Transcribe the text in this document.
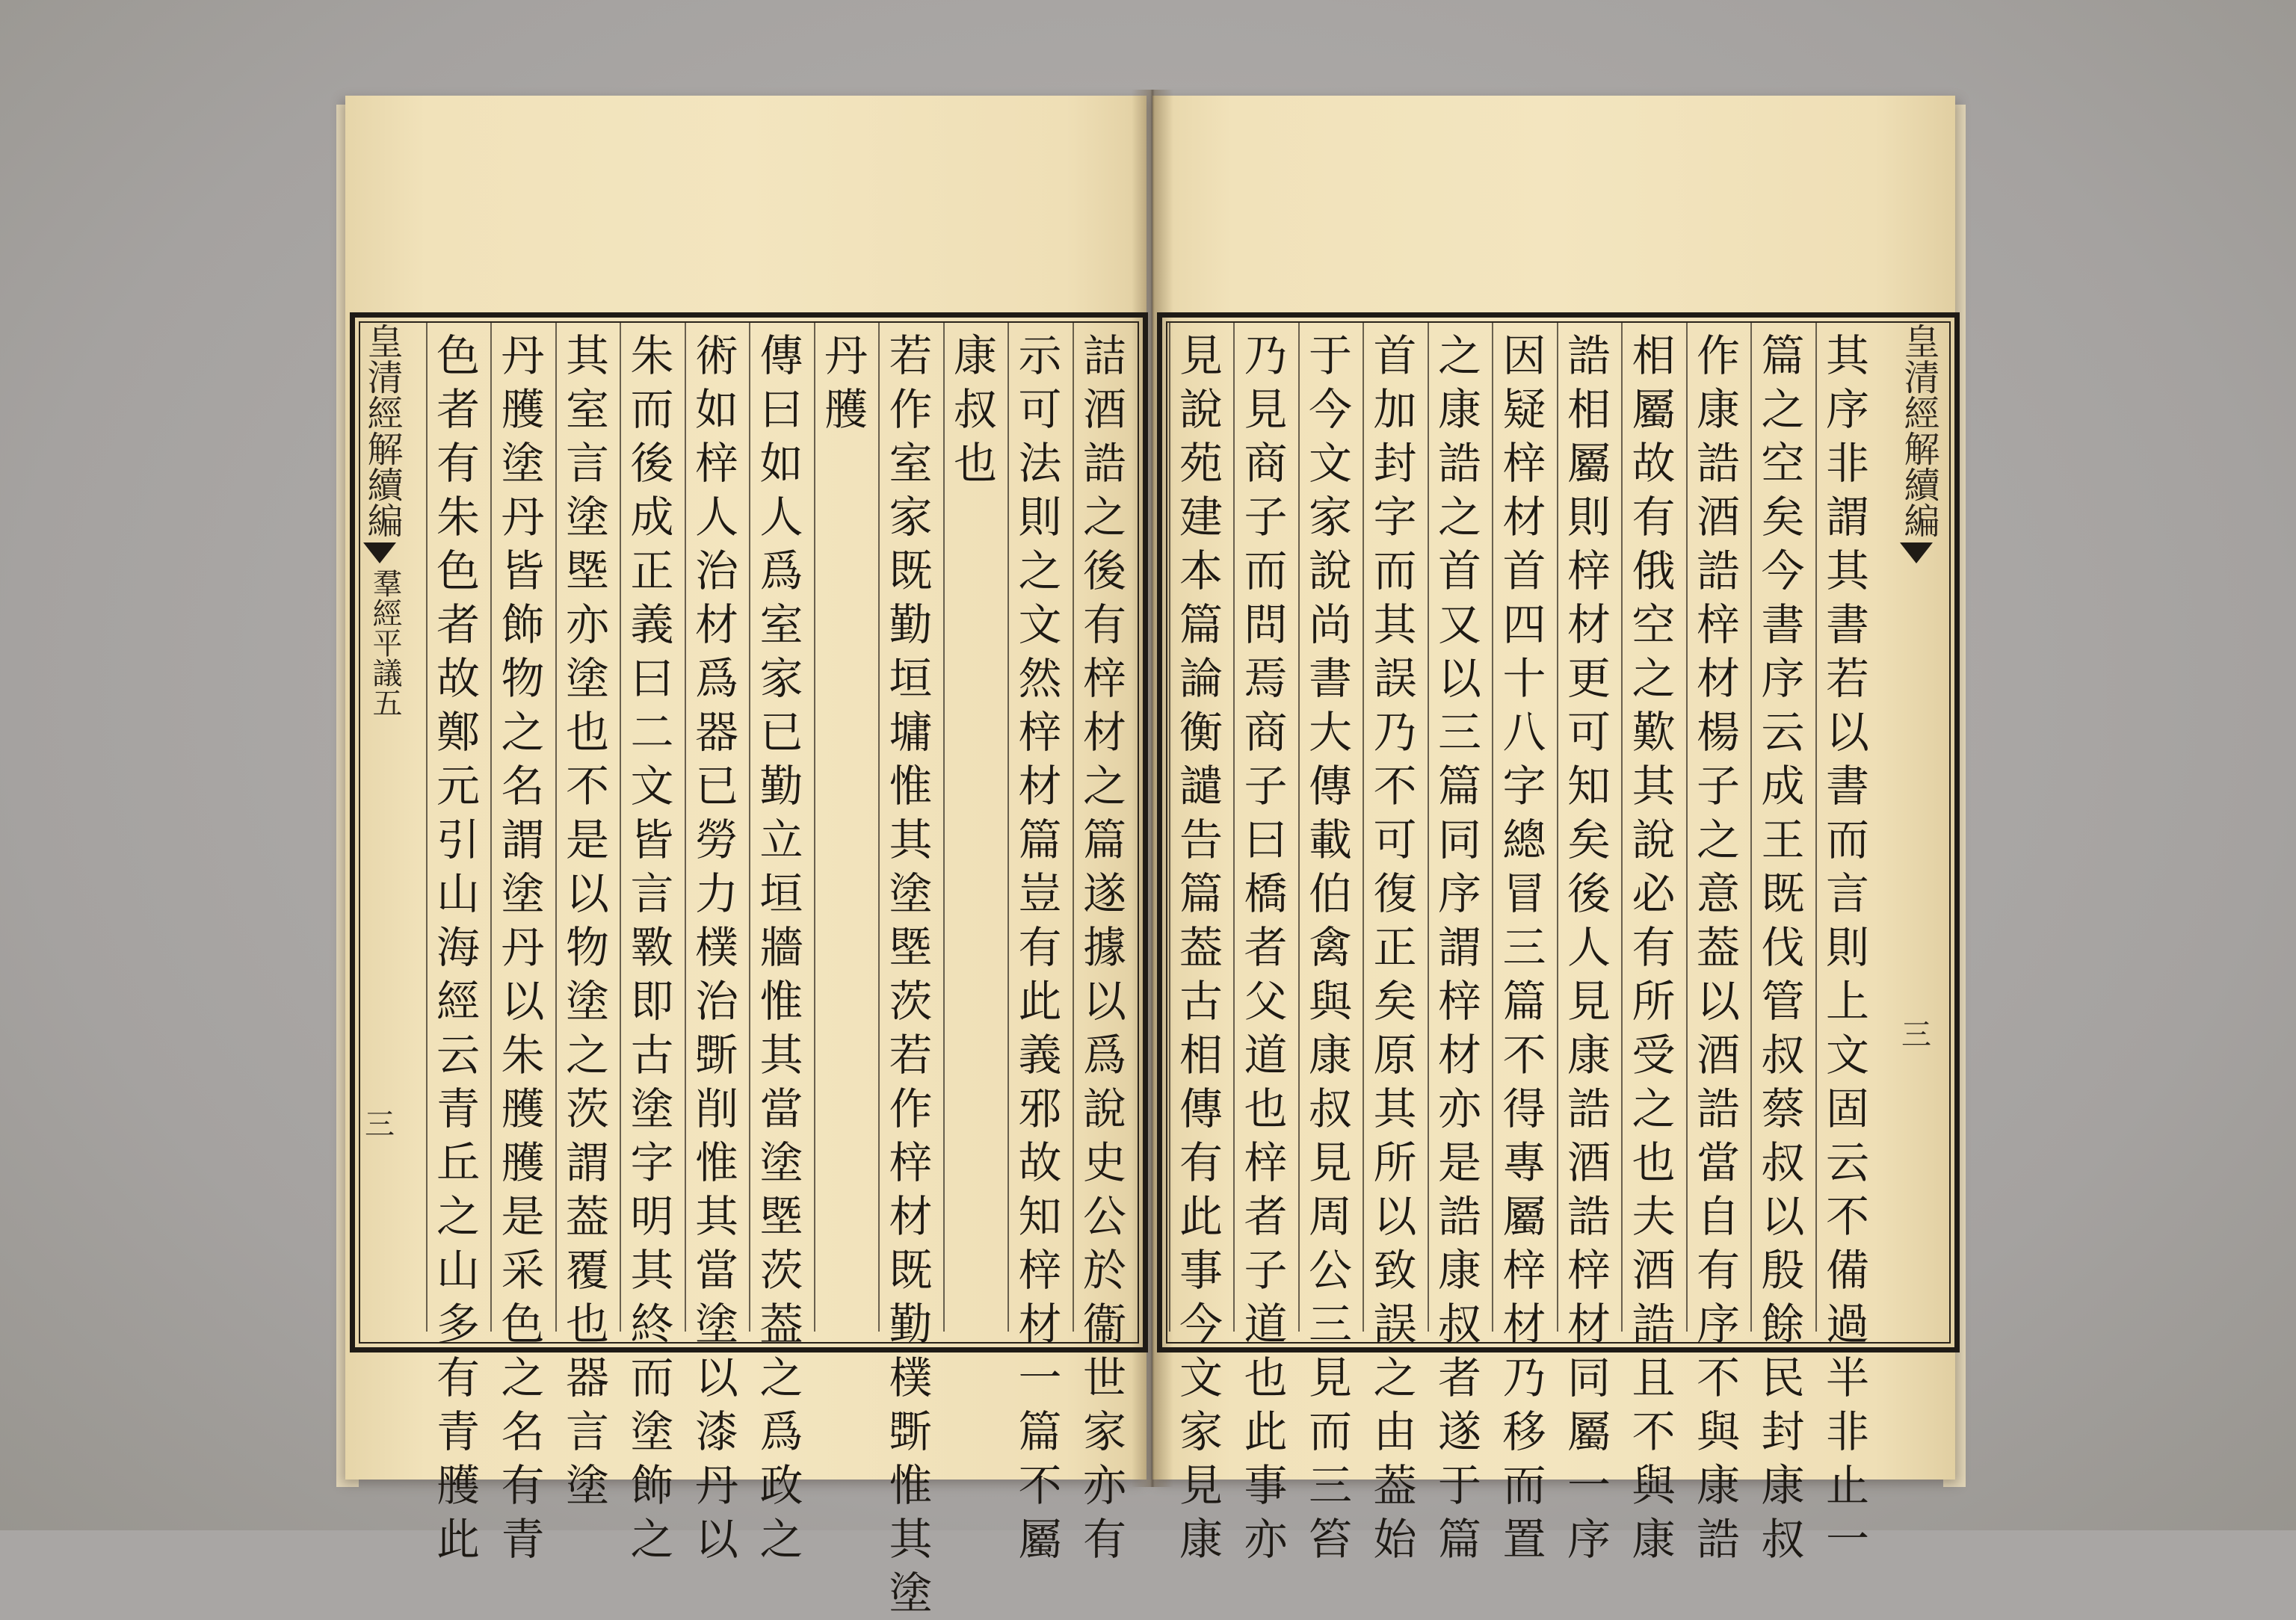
皇清經解續編
羣經平議五
三
皇清經解續編
三
詰
酒
誥
之
後
有
梓
材
之
篇
遂
據
以
爲
說
史
公
於
衞
世
家
亦
有
示
可
法
則
之
文
然
梓
材
篇
豈
有
此
義
邪
故
知
梓
材
一
篇
不
屬
康
叔
也
若
作
室
家
既
勤
垣
墉
惟
其
塗
塈
茨
若
作
梓
材
既
勤
樸
斲
惟
其
塗
丹
雘
傳
曰
如
人
爲
室
家
已
勤
立
垣
牆
惟
其
當
塗
塈
茨
葢
之
爲
政
之
術
如
梓
人
治
材
爲
器
已
勞
力
樸
治
斲
削
惟
其
當
塗
以
漆
丹
以
朱
而
後
成
正
義
曰
二
文
皆
言
斁
即
古
塗
字
明
其
終
而
塗
飾
之
其
室
言
塗
塈
亦
塗
也
不
是
以
物
塗
之
茨
謂
葢
覆
也
器
言
塗
丹
雘
塗
丹
皆
飾
物
之
名
謂
塗
丹
以
朱
雘
雘
是
采
色
之
名
有
青
色
者
有
朱
色
者
故
鄭
元
引
山
海
經
云
青
丘
之
山
多
有
青
雘
此
其
序
非
謂
其
書
若
以
書
而
言
則
上
文
固
云
不
備
過
半
非
止
一
篇
之
空
矣
今
書
序
云
成
王
既
伐
管
叔
蔡
叔
以
殷
餘
民
封
康
叔
作
康
誥
酒
誥
梓
材
楊
子
之
意
葢
以
酒
誥
當
自
有
序
不
與
康
誥
相
屬
故
有
俄
空
之
歎
其
說
必
有
所
受
之
也
夫
酒
誥
且
不
與
康
誥
相
屬
則
梓
材
更
可
知
矣
後
人
見
康
誥
酒
誥
梓
材
同
屬
一
序
因
疑
梓
材
首
四
十
八
字
總
冒
三
篇
不
得
專
屬
梓
材
乃
移
而
置
之
康
誥
之
首
又
以
三
篇
同
序
謂
梓
材
亦
是
誥
康
叔
者
遂
于
篇
首
加
封
字
而
其
誤
乃
不
可
復
正
矣
原
其
所
以
致
誤
之
由
葢
始
于
今
文
家
說
尚
書
大
傳
載
伯
禽
與
康
叔
見
周
公
三
見
而
三
笞
乃
見
商
子
而
問
焉
商
子
曰
橋
者
父
道
也
梓
者
子
道
也
此
事
亦
見
說
苑
建
本
篇
論
衡
譴
告
篇
葢
古
相
傳
有
此
事
今
文
家
見
康
